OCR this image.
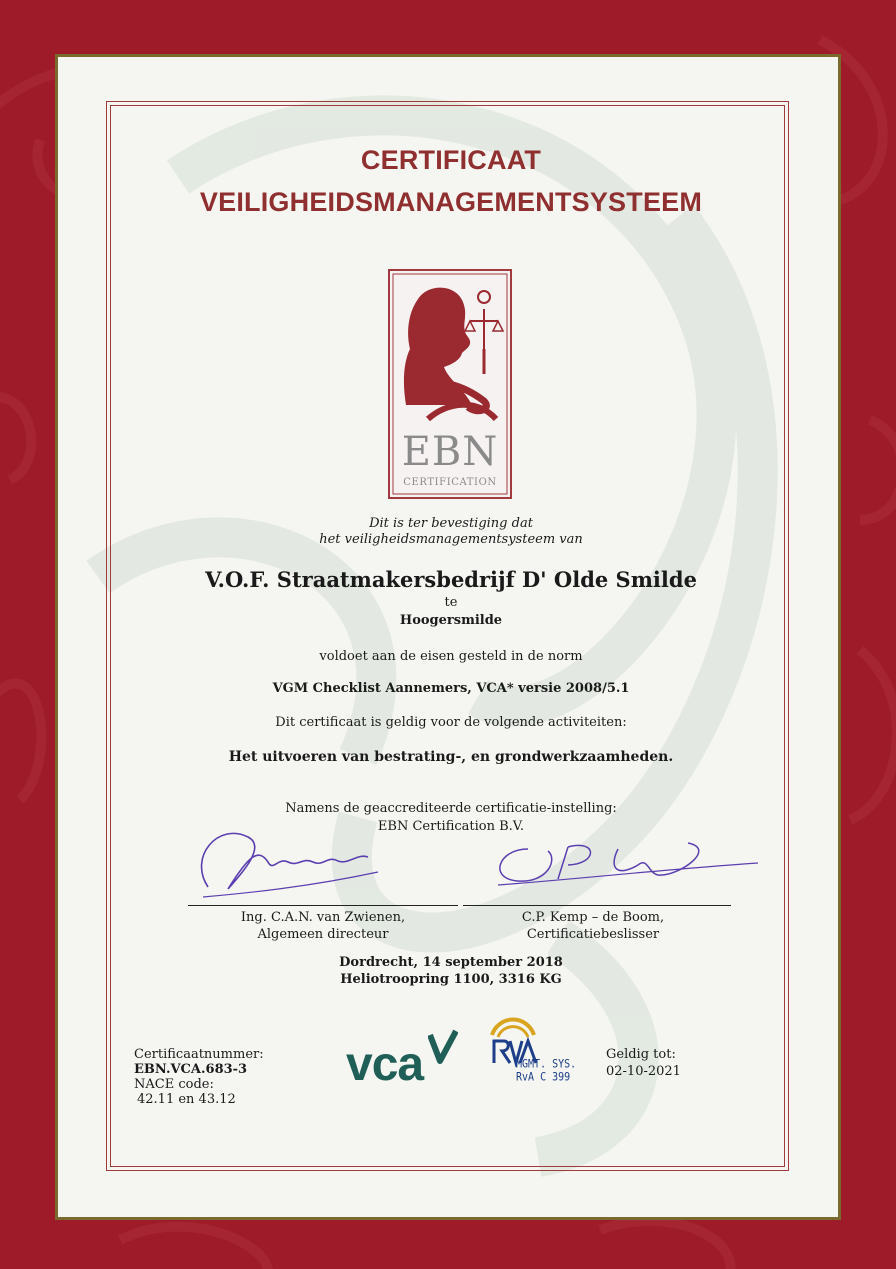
CERTIFICAAT
VEILIGHEIDSMANAGEMENTSYSTEEM
EBN
CERTIFICATION
Dit is ter bevestiging dat
het veiligheidsmanagementsysteem van
V.O.F. Straatmakersbedrijf D' Olde Smilde
te
Hoogersmilde
voldoet aan de eisen gesteld in de norm
VGM Checklist Aannemers, VCA* versie 2008/5.1
Dit certificaat is geldig voor de volgende activiteiten:
Het uitvoeren van bestrating-, en grondwerkzaamheden.
Namens de geaccrediteerde certificatie-instelling:
EBN Certification B.V.
Ing. C.A.N. van Zwienen,
Algemeen directeur
C.P. Kemp – de Boom,
Certificatiebeslisser
Dordrecht, 14 september 2018
Heliotroopring 1100, 3316 KG
Certificaatnummer:
EBN.VCA.683-3
NACE code:
42.11 en 43.12
vca	MGMT. SYS.
RvA C 399
Geldig tot:
02-10-2021
